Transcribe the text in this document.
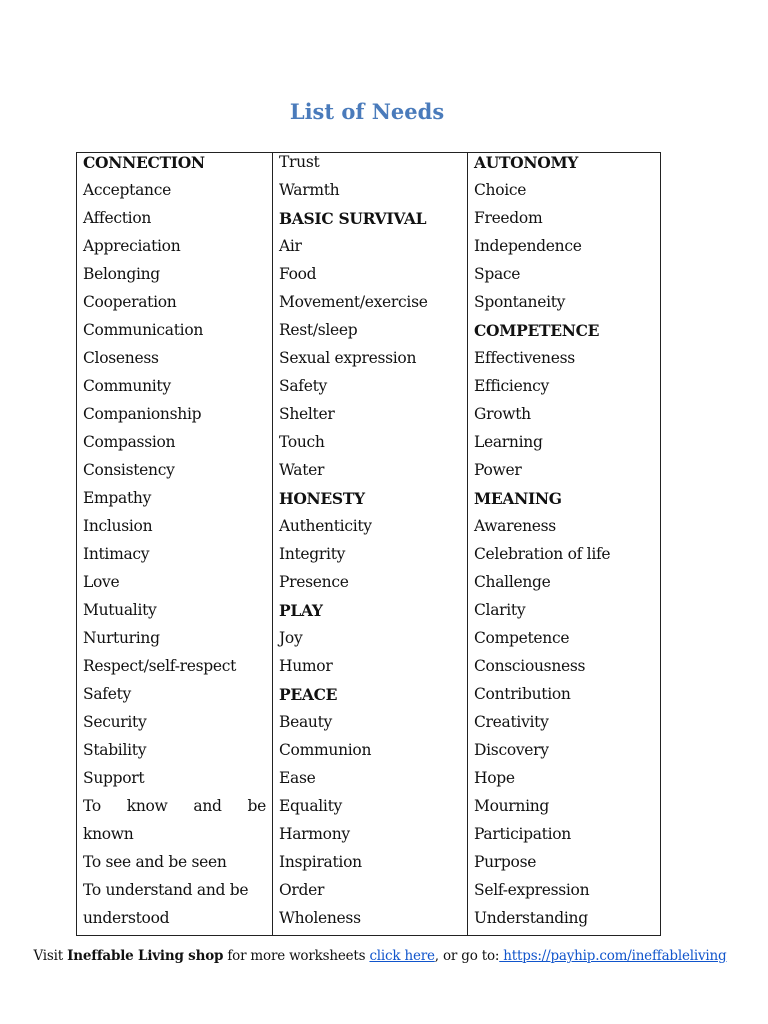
List of Needs
CONNECTION
Acceptance
Affection
Appreciation
Belonging
Cooperation
Communication
Closeness
Community
Companionship
Compassion
Consistency
Empathy
Inclusion
Intimacy
Love
Mutuality
Nurturing
Respect/self-respect
Safety
Security
Stability
Support
To know and be
known
To see and be seen
To understand and be
understood
Trust
Warmth
BASIC SURVIVAL
Air
Food
Movement/exercise
Rest/sleep
Sexual expression
Safety
Shelter
Touch
Water
HONESTY
Authenticity
Integrity
Presence
PLAY
Joy
Humor
PEACE
Beauty
Communion
Ease
Equality
Harmony
Inspiration
Order
Wholeness
AUTONOMY
Choice
Freedom
Independence
Space
Spontaneity
COMPETENCE
Effectiveness
Efficiency
Growth
Learning
Power
MEANING
Awareness
Celebration of life
Challenge
Clarity
Competence
Consciousness
Contribution
Creativity
Discovery
Hope
Mourning
Participation
Purpose
Self-expression
Understanding
Visit Ineffable Living shop for more worksheets click here, or go to: https://payhip.com/ineffableliving
